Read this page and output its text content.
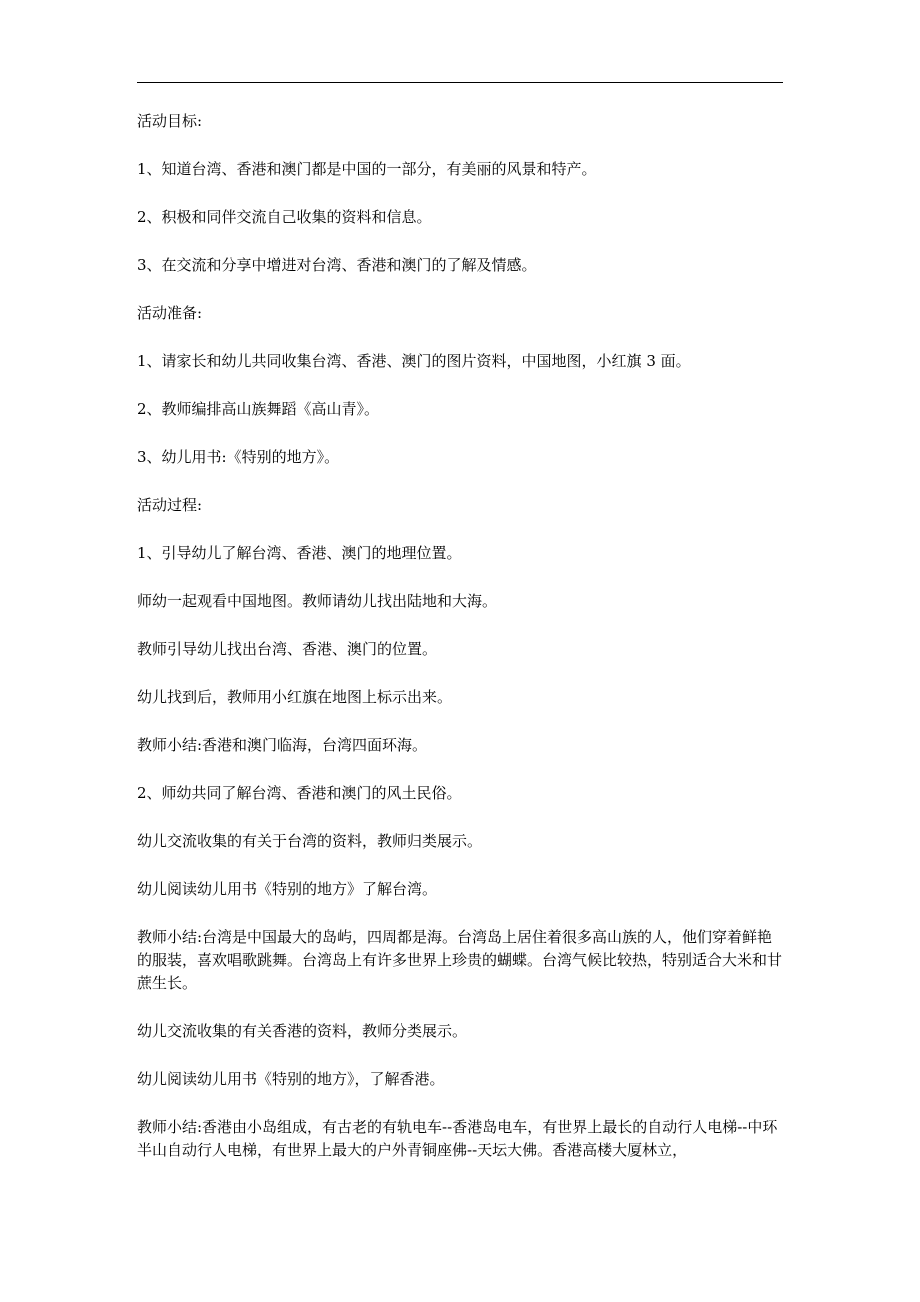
活动目标:

1、知道台湾、香港和澳门都是中国的一部分，有美丽的风景和特产。

2、积极和同伴交流自己收集的资料和信息。

3、在交流和分享中增进对台湾、香港和澳门的了解及情感。

活动准备:

1、请家长和幼儿共同收集台湾、香港、澳门的图片资料，中国地图，小红旗 3 面。

2、教师编排高山族舞蹈《高山青》。

3、幼儿用书:《特别的地方》。

活动过程:

1、引导幼儿了解台湾、香港、澳门的地理位置。

师幼一起观看中国地图。教师请幼儿找出陆地和大海。

教师引导幼儿找出台湾、香港、澳门的位置。

幼儿找到后，教师用小红旗在地图上标示出来。

教师小结:香港和澳门临海，台湾四面环海。

2、师幼共同了解台湾、香港和澳门的风土民俗。

幼儿交流收集的有关于台湾的资料，教师归类展示。

幼儿阅读幼儿用书《特别的地方》了解台湾。

教师小结:台湾是中国最大的岛屿，四周都是海。台湾岛上居住着很多高山族的人，他们穿着鲜艳的服装，喜欢唱歌跳舞。台湾岛上有许多世界上珍贵的蝴蝶。台湾气候比较热，特别适合大米和甘蔗生长。

幼儿交流收集的有关香港的资料，教师分类展示。

幼儿阅读幼儿用书《特别的地方》，了解香港。

教师小结:香港由小岛组成，有古老的有轨电车--香港岛电车，有世界上最长的自动行人电梯--中环半山自动行人电梯，有世界上最大的户外青铜座佛--天坛大佛。香港高楼大厦林立，
